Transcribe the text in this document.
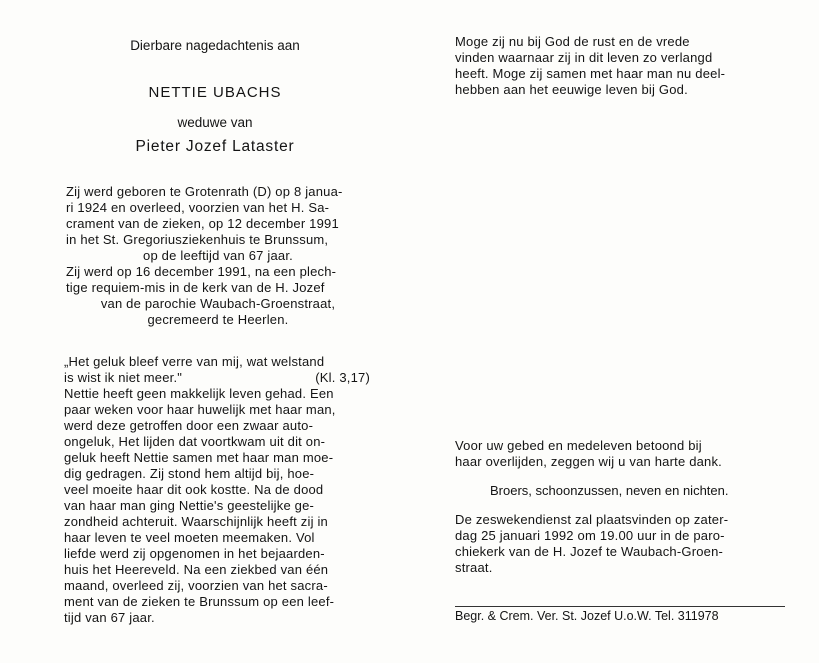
Dierbare nagedachtenis aan
NETTIE UBACHS
weduwe van
Pieter Jozef Lataster
Zij werd geboren te Grotenrath (D) op 8 janua-
ri 1924 en overleed, voorzien van het H. Sa-
crament van de zieken, op 12 december 1991
in het St. Gregoriusziekenhuis te Brunssum,
op de leeftijd van 67 jaar.
Zij werd op 16 december 1991, na een plech-
tige requiem-mis in de kerk van de H. Jozef
van de parochie Waubach-Groenstraat,
gecremeerd te Heerlen.
„Het geluk bleef verre van mij, wat welstand
is wist ik niet meer."	(Kl. 3,17)
Nettie heeft geen makkelijk leven gehad. Een
paar weken voor haar huwelijk met haar man,
werd deze getroffen door een zwaar auto-
ongeluk, Het lijden dat voortkwam uit dit on-
geluk heeft Nettie samen met haar man moe-
dig gedragen. Zij stond hem altijd bij, hoe-
veel moeite haar dit ook kostte. Na de dood
van haar man ging Nettie's geestelijke ge-
zondheid achteruit. Waarschijnlijk heeft zij in
haar leven te veel moeten meemaken. Vol
liefde werd zij opgenomen in het bejaarden-
huis het Heereveld. Na een ziekbed van één
maand, overleed zij, voorzien van het sacra-
ment van de zieken te Brunssum op een leef-
tijd van 67 jaar.
Moge zij nu bij God de rust en de vrede
vinden waarnaar zij in dit leven zo verlangd
heeft. Moge zij samen met haar man nu deel-
hebben aan het eeuwige leven bij God.
Voor uw gebed en medeleven betoond bij
haar overlijden, zeggen wij u van harte dank.
Broers, schoonzussen, neven en nichten.
De zeswekendienst zal plaatsvinden op zater-
dag 25 januari 1992 om 19.00 uur in de paro-
chiekerk van de H. Jozef te Waubach-Groen-
straat.
Begr. & Crem. Ver. St. Jozef U.o.W. Tel. 311978
